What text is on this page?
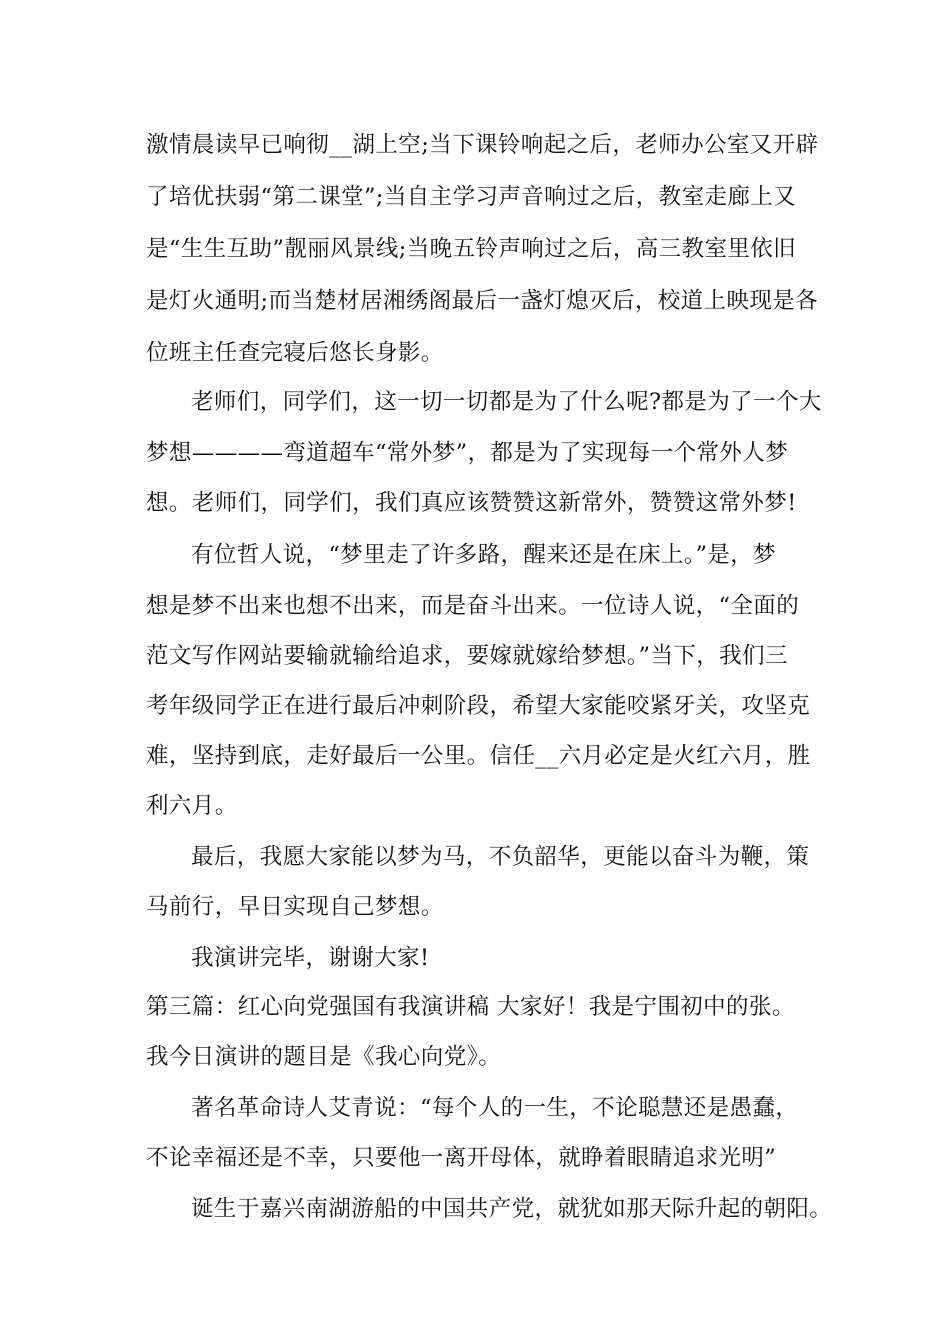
激情晨读早已响彻__湖上空;当下课铃响起之后，老师办公室又开辟
了培优扶弱“第二课堂”;当自主学习声音响过之后，教室走廊上又
是“生生互助”靓丽风景线;当晚五铃声响过之后，高三教室里依旧
是灯火通明;而当楚材居湘绣阁最后一盏灯熄灭后，校道上映现是各
位班主任查完寝后悠长身影。
老师们，同学们，这一切一切都是为了什么呢?都是为了一个大
梦想————弯道超车“常外梦”，都是为了实现每一个常外人梦
想。老师们，同学们，我们真应该赞赞这新常外，赞赞这常外梦!
有位哲人说，“梦里走了许多路，醒来还是在床上。”是，梦
想是梦不出来也想不出来，而是奋斗出来。一位诗人说，“全面的
范文写作网站要输就输给追求，要嫁就嫁给梦想。”当下，我们三
考年级同学正在进行最后冲刺阶段，希望大家能咬紧牙关，攻坚克
难，坚持到底，走好最后一公里。信任__六月必定是火红六月，胜
利六月。
最后，我愿大家能以梦为马，不负韶华，更能以奋斗为鞭，策
马前行，早日实现自己梦想。
我演讲完毕，谢谢大家!
第三篇：红心向党强国有我演讲稿 大家好！我是宁围初中的张。
我今日演讲的题目是《我心向党》。
著名革命诗人艾青说：“每个人的一生，不论聪慧还是愚蠢，
不论幸福还是不幸，只要他一离开母体，就睁着眼睛追求光明”
诞生于嘉兴南湖游船的中国共产党，就犹如那天际升起的朝阳。
